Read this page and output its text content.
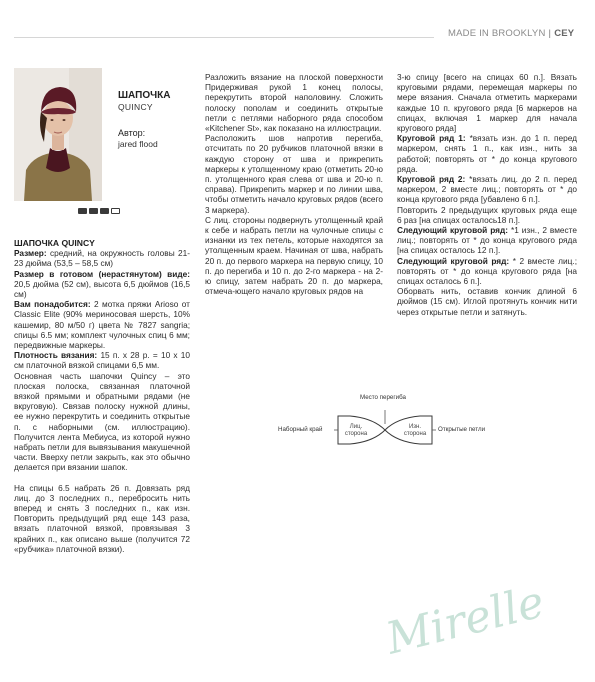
MADE IN BROOKLYN | CEY
ШАПОЧКА
QUINCY
Автор:
jared flood

ШАПОЧКА QUINCY

Размер: средний, на окружность головы 21-23 дюйма (53,5 – 58,5 см)

Размер в готовом (нерастянутом) виде: 20,5 дюйма (52 см), высота 6,5 дюймов (16,5 см)

Вам понадобится: 2 мотка пряжи Arioso от Classic Elite (90% мериносовая шерсть, 10% кашемир, 80 м/50 г) цвета № 7827 sangria; спицы 6.5 мм; комплект чулочных спиц 6 мм; передвижные маркеры.

Плотность вязания: 15 п. х 28 р. = 10 х 10 см платочной вязкой спицами 6,5 мм.

Основная часть шапочки Quincy – это плоская полоска, связанная платочной вязкой прямыми и обратными рядами (не вкруговую). Связав полоску нужной длины, ее нужно перекрутить и соединить открытые п. с наборными (см. иллюстрацию). Получится лента Мебиуса, из которой нужно набрать петли для вывязывания макушечной части. Вверху петли закрыть, как это обычно делается при вязании шапок.

На спицы 6.5 набрать 26 п. Довязать ряд лиц. до 3 последних п., перебросить нить вперед и снять 3 последних п., как изн. Повторить предыдущий ряд еще 143 раза, вязать платочной вязкой, провязывая 3 крайних п., как описано выше (получится 72 «рубчика» платочной вязки).

Разложить вязание на плоской поверхности Придерживая рукой 1 конец полосы, перекрутить второй наполовину. Сложить полоску пополам и соединить открытые петли с петлями наборного ряда способом «Kitchener St», как показано на иллюстрации.

Расположить шов напротив перегиба, отсчитать по 20 рубчиков платочной вязки в каждую сторону от шва и прикрепить маркеры к утолщенному краю (отметить 20-ю п. утолщенного края слева от шва и 20-ю п. справа). Прикрепить маркер и по линии шва, чтобы отметить начало круговых рядов (всего 3 маркера).

С лиц. стороны подвернуть утолщенный край к себе и набрать петли на чулочные спицы с изнанки из тех петель, которые находятся за утолщенным краем. Начиная от шва, набрать 20 п. до первого маркера на первую спицу, 10 п. до перегиба и 10 п. до 2-го маркера - на 2-ю спицу, затем набрать 20 п. до маркера, отмеча-ющего начало круговых рядов на

3-ю спицу [всего на спицах 60 п.]. Вязать круговыми рядами, перемещая маркеры по мере вязания. Сначала отметить маркерами каждые 10 п. кругового ряда [6 маркеров на спицах, включая 1 маркер для начала кругового ряда]

Круговой ряд 1: *вязать изн. до 1 п. перед маркером, снять 1 п., как изн., нить за работой; повторять от * до конца кругового ряда.

Круговой ряд 2: *вязать лиц. до 2 п. перед маркером, 2 вместе лиц.; повторять от * до конца кругового ряда [убавлено 6 п.].

Повторить 2 предыдущих круговых ряда еще 6 раз [на спицах осталось18 п.].

Следующий круговой ряд: *1 изн., 2 вместе лиц.; повторять от * до конца кругового ряда [на спицах осталось 12 п.].

Следующий круговой ряд: * 2 вместе лиц.; повторять от * до конца кругового ряда [на спицах осталось 6 п.].

Оборвать нить, оставив кончик длиной 6 дюймов (15 см). Иглой протянуть кончик нити через открытые петли и затянуть.

Место перегиба
Наборный край	Открытые петли
Лиц.
сторона
Изн.
сторона
Mirelle
